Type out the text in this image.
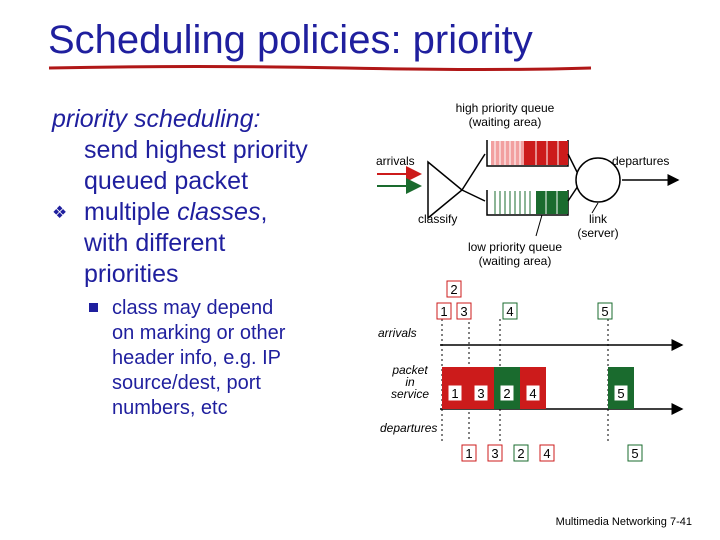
Scheduling policies: priority
priority scheduling:
send highest priority
queued packet
❖ multiple classes,
with different
priorities
class may depend
on marking or other
header info, e.g. IP
source/dest, port
numbers, etc
high priority queue
(waiting area)
arrivals	departures
classify	link
(server)
low priority queue
(waiting area)
1
2
3	4	5
1 3 2 4	5
1 3 2 4	5
arrivals
packet
in
service
departures
Multimedia Networking 7-41
